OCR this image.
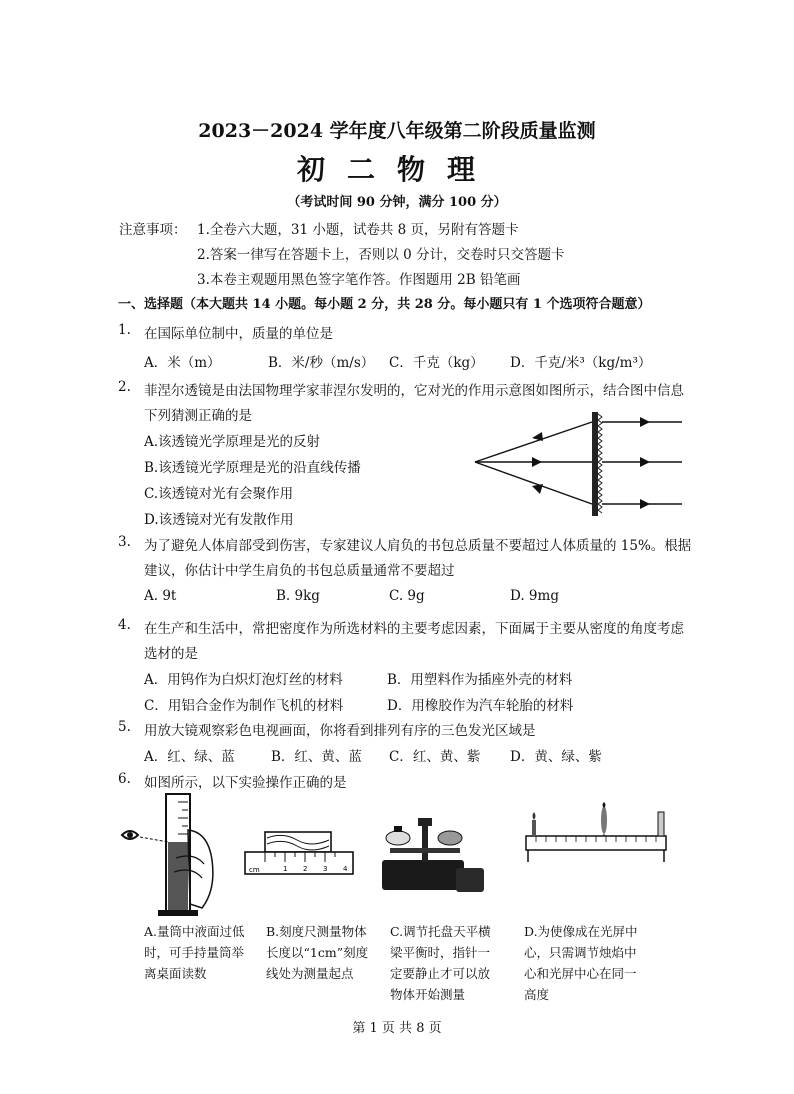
2023－2024 学年度八年级第二阶段质量监测
初二物理
（考试时间 90 分钟，满分 100 分）
注意事项： 1.全卷六大题，31 小题，试卷共 8 页，另附有答题卡
2.答案一律写在答题卡上，否则以 0 分计，交卷时只交答题卡
3.本卷主观题用黑色签字笔作答。作图题用 2B 铅笔画
一、选择题（本大题共 14 小题。每小题 2 分，共 28 分。每小题只有 1 个选项符合题意）
1. 在国际单位制中，质量的单位是
A．米（m）	B．米/秒（m/s） C．千克（kg） D．千克/米³（kg/m³）
2. 菲涅尔透镜是由法国物理学家菲涅尔发明的，它对光的作用示意图如图所示，结合图中信息
下列猜测正确的是
A.该透镜光学原理是光的反射
B.该透镜光学原理是光的沿直线传播
C.该透镜对光有会聚作用
D.该透镜对光有发散作用
3. 为了避免人体肩部受到伤害，专家建议人肩负的书包总质量不要超过人体质量的 15%。根据
建议，你估计中学生肩负的书包总质量通常不要超过
A. 9t	B. 9kg	C. 9g	D. 9mg
4. 在生产和生活中，常把密度作为所选材料的主要考虑因素，下面属于主要从密度的角度考虑
选材的是
A．用钨作为白炽灯泡灯丝的材料	B．用塑料作为插座外壳的材料
C．用铝合金作为制作飞机的材料	D．用橡胶作为汽车轮胎的材料
5. 用放大镜观察彩色电视画面，你将看到排列有序的三色发光区域是
A．红、绿、蓝	B．红、黄、蓝 C．红、黄、紫 D．黄、绿、紫
6. 如图所示，以下实验操作正确的是
cm	1 2 3 4
A.量筒中液面过低时，可手持量筒举离桌面读数
B.刻度尺测量物体长度以“1cm”刻度线处为测量起点
C.调节托盘天平横梁平衡时，指针一定要静止才可以放物体开始测量
D.为使像成在光屏中心，只需调节烛焰中心和光屏中心在同一高度
第 1 页 共 8 页
